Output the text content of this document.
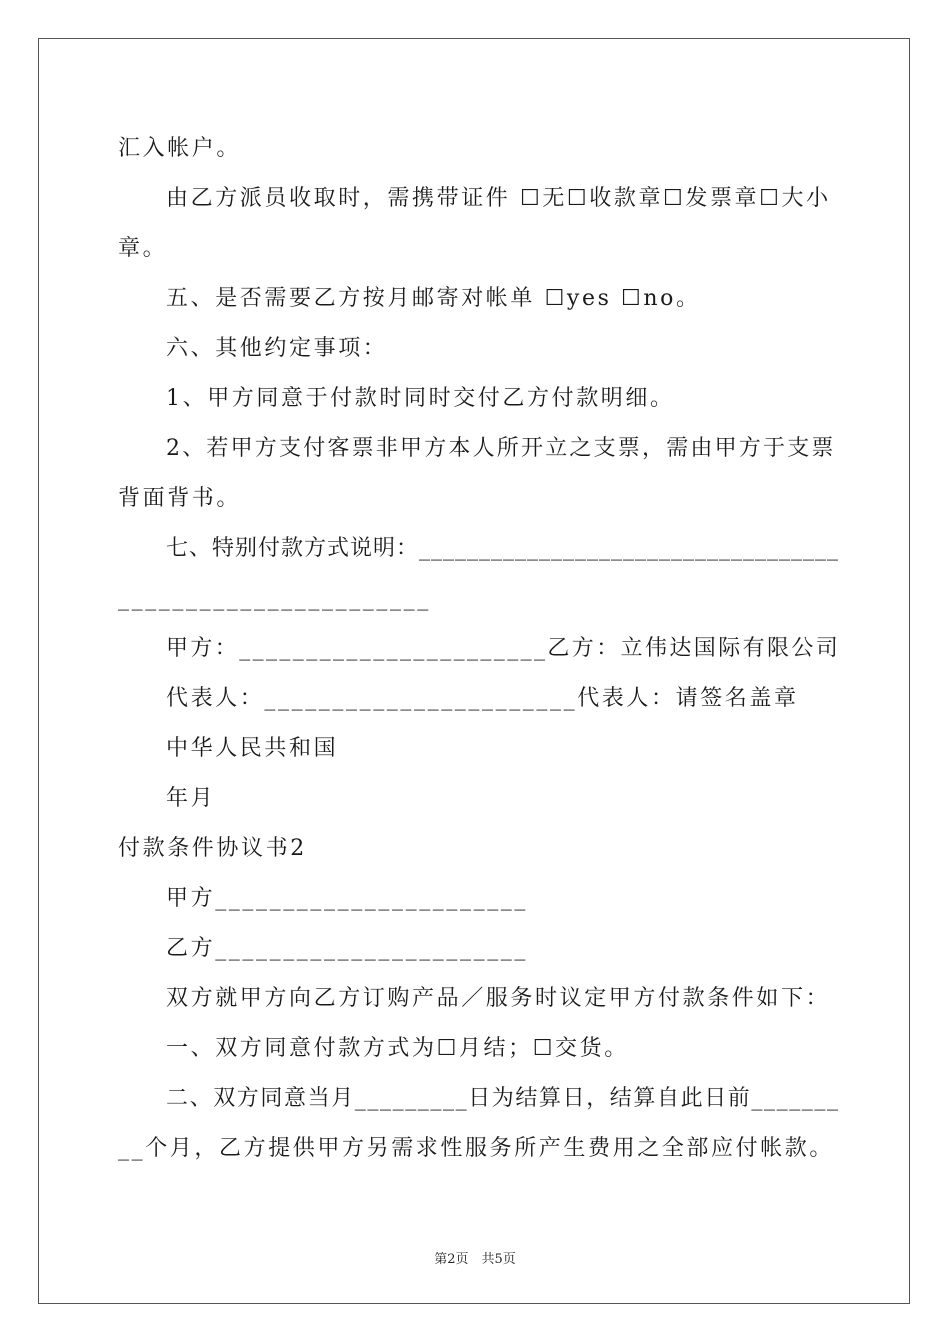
汇入帐户。
由乙方派员收取时，需携带证件 ☐无☐收款章☐发票章☐大小
章。
五、是否需要乙方按月邮寄对帐单 ☐yes ☐no。
六、其他约定事项：
1、甲方同意于付款时同时交付乙方付款明细。
2、若甲方支付客票非甲方本人所开立之支票，需由甲方于支票
背面背书。
七、特别付款方式说明：___________________________________
_______________________
甲方：_______________________乙方：立伟达国际有限公司
代表人：_______________________代表人：请签名盖章
中华人民共和国
年月
付款条件协议书2
甲方_______________________
乙方_______________________
双方就甲方向乙方订购产品／服务时议定甲方付款条件如下：
一、双方同意付款方式为☐月结；☐交货。
二、双方同意当月_________日为结算日，结算自此日前_______
__个月，乙方提供甲方另需求性服务所产生费用之全部应付帐款。
第2页　共5页
